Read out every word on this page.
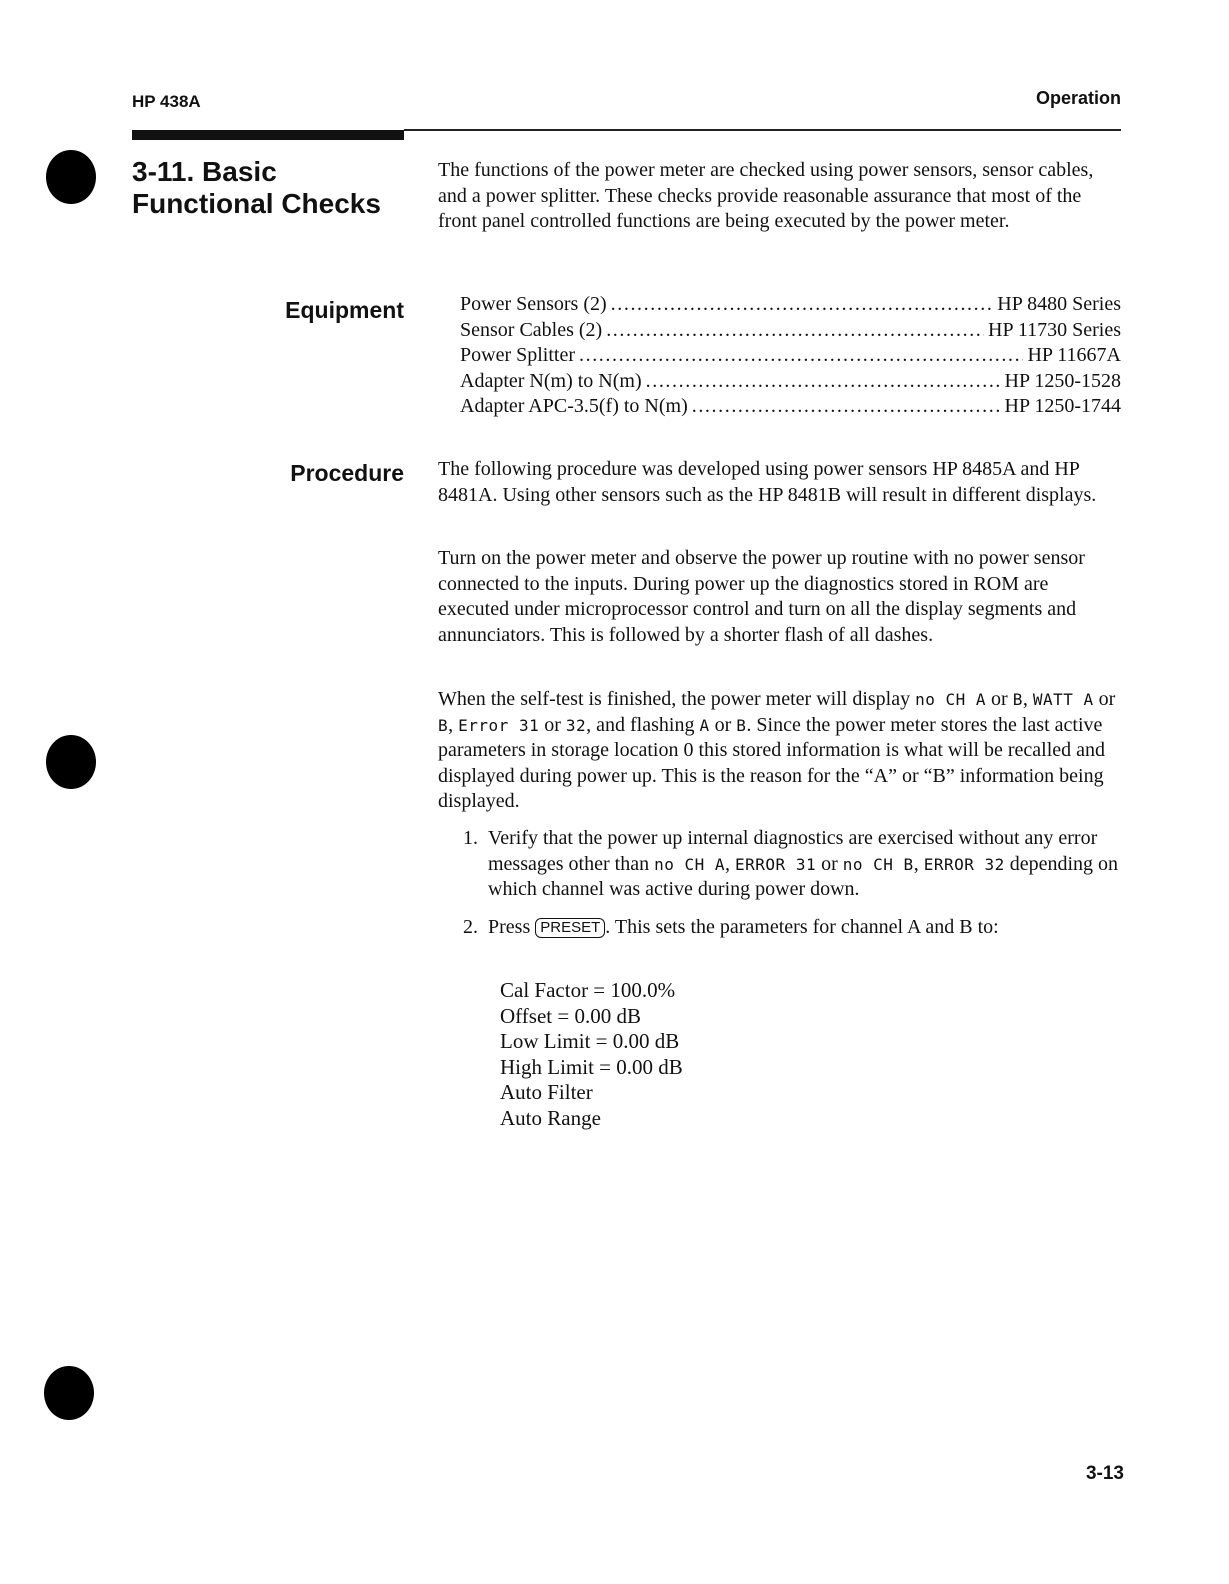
HP 438A	Operation
3-11. Basic
Functional Checks

The functions of the power meter are checked using power sensors, sensor cables, and a power splitter. These checks provide reasonable assurance that most of the front panel controlled functions are being executed by the power meter.

Equipment	Power Sensors (2) .....	HP 8480 Series
Sensor Cables (2) .....	HP 11730 Series
Power Splitter .....	HP 11667A
Adapter N(m) to N(m) .....	HP 1250-1528
Adapter APC-3.5(f) to N(m) .....	HP 1250-1744
Procedure The following procedure was developed using power sensors HP 8485A and HP 8481A. Using other sensors such as the HP 8481B will result in different displays.

Turn on the power meter and observe the power up routine with no power sensor connected to the inputs. During power up the diagnostics stored in ROM are executed under microprocessor control and turn on all the display segments and annunciators. This is followed by a shorter flash of all dashes.

When the self-test is finished, the power meter will display no CH A or B, WATT A or B, Error 31 or 32, and flashing A or B. Since the power meter stores the last active parameters in storage location 0 this stored information is what will be recalled and displayed during power up. This is the reason for the “A” or “B” information being displayed.

1. Verify that the power up internal diagnostics are exercised without any error messages other than no CH A, ERROR 31 or no CH B, ERROR 32 depending on which channel was active during power down.
2. Press PRESET . This sets the parameters for channel A and B to:
Cal Factor = 100.0%
Offset = 0.00 dB
Low Limit = 0.00 dB
High Limit = 0.00 dB
Auto Filter
Auto Range
3-13
